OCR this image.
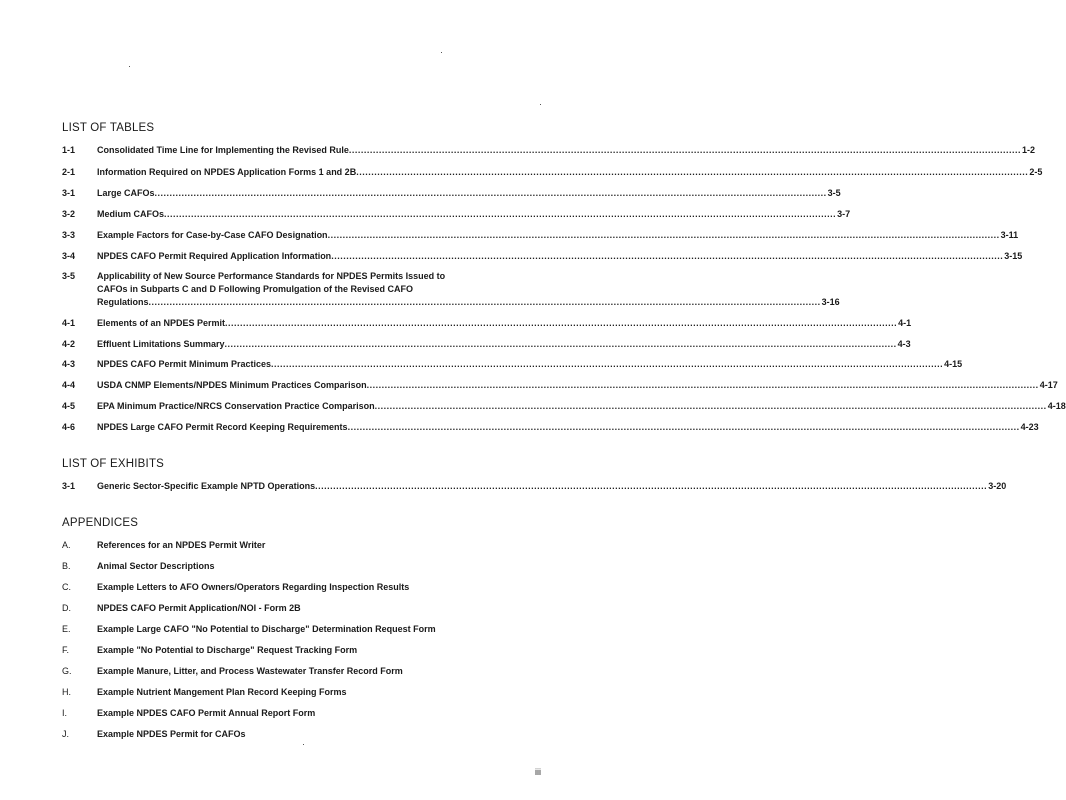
LIST OF TABLES
1-1	Consolidated Time Line for Implementing the Revised Rule .....	1-2
2-1	Information Required on NPDES Application Forms 1 and 2B .....	2-5
3-1	Large CAFOs .....	3-5
3-2	Medium CAFOs .....	3-7
3-3	Example Factors for Case-by-Case CAFO Designation .....	3-11
3-4	NPDES CAFO Permit Required Application Information .....	3-15
3-5	Applicability of New Source Performance Standards for NPDES Permits Issued to
CAFOs in Subparts C and D Following Promulgation of the Revised CAFO
Regulations .....	3-16
4-1	Elements of an NPDES Permit .....	4-1
4-2	Effluent Limitations Summary .....	4-3
4-3	NPDES CAFO Permit Minimum Practices .....	4-15
4-4	USDA CNMP Elements/NPDES Minimum Practices Comparison .....	4-17
4-5	EPA Minimum Practice/NRCS Conservation Practice Comparison .....	4-18
4-6	NPDES Large CAFO Permit Record Keeping Requirements .....	4-23
LIST OF EXHIBITS
3-1	Generic Sector-Specific Example NPTD Operations .....	3-20
APPENDICES
A.	References for an NPDES Permit Writer
B.	Animal Sector Descriptions
C.	Example Letters to AFO Owners/Operators Regarding Inspection Results
D.	NPDES CAFO Permit Application/NOI - Form 2B
E.	Example Large CAFO "No Potential to Discharge" Determination Request Form
F.	Example "No Potential to Discharge" Request Tracking Form
G.	Example Manure, Litter, and Process Wastewater Transfer Record Form
H.	Example Nutrient Mangement Plan Record Keeping Forms
I.	Example NPDES CAFO Permit Annual Report Form
J.	Example NPDES Permit for CAFOs
iii
